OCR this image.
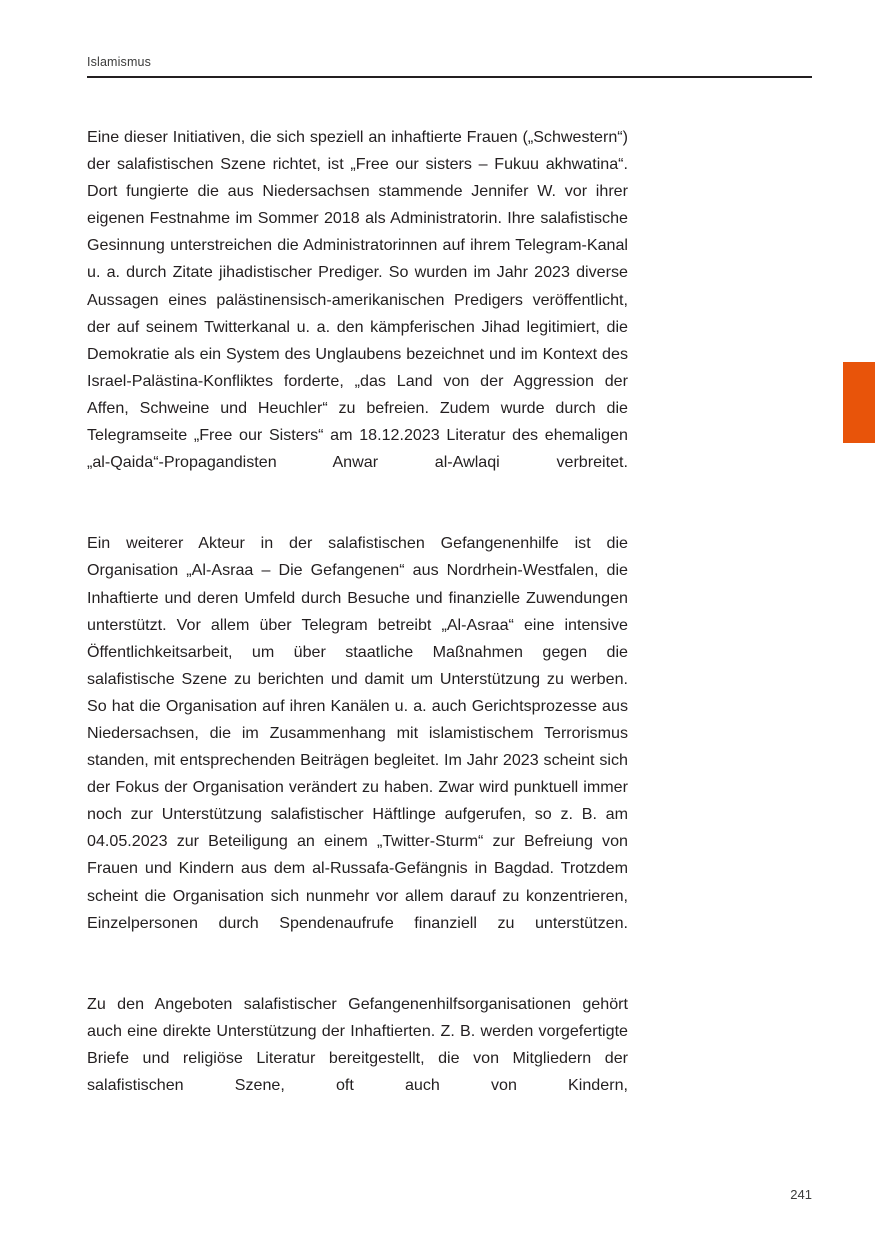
Islamismus

Eine dieser Initiativen, die sich speziell an inhaftierte Frauen („Schwestern“) der salafistischen Szene richtet, ist „Free our sisters – Fukuu akhwatina“. Dort fungierte die aus Niedersachsen stammende Jennifer W. vor ihrer eigenen Festnahme im Sommer 2018 als Administratorin. Ihre salafistische Gesinnung unterstreichen die Administratorinnen auf ihrem Telegram-Kanal u. a. durch Zitate jihadistischer Prediger. So wurden im Jahr 2023 diverse Aussagen eines palästinensisch-amerikanischen Predigers veröffentlicht, der auf seinem Twitterkanal u. a. den kämpferischen Jihad legitimiert, die Demokratie als ein System des Unglaubens bezeichnet und im Kontext des Israel-Palästina-Konfliktes forderte, „das Land von der Aggression der Affen, Schweine und Heuchler“ zu befreien. Zudem wurde durch die Telegramseite „Free our Sisters“ am 18.12.2023 Literatur des ehemaligen „al-Qaida“-Propagandisten Anwar al-Awlaqi verbreitet.

Ein weiterer Akteur in der salafistischen Gefangenenhilfe ist die Organisation „Al-Asraa – Die Gefangenen“ aus Nordrhein-Westfalen, die Inhaftierte und deren Umfeld durch Besuche und finanzielle Zuwendungen unterstützt. Vor allem über Telegram betreibt „Al-Asraa“ eine intensive Öffentlichkeitsarbeit, um über staatliche Maßnahmen gegen die salafistische Szene zu berichten und damit um Unterstützung zu werben. So hat die Organisation auf ihren Kanälen u. a. auch Gerichtsprozesse aus Niedersachsen, die im Zusammenhang mit islamistischem Terrorismus standen, mit entsprechenden Beiträgen begleitet. Im Jahr 2023 scheint sich der Fokus der Organisation verändert zu haben. Zwar wird punktuell immer noch zur Unterstützung salafistischer Häftlinge aufgerufen, so z. B. am 04.05.2023 zur Beteiligung an einem „Twitter-Sturm“ zur Befreiung von Frauen und Kindern aus dem al-Russafa-Gefängnis in Bagdad. Trotzdem scheint die Organisation sich nunmehr vor allem darauf zu konzentrieren, Einzelpersonen durch Spendenaufrufe finanziell zu unterstützen.

Zu den Angeboten salafistischer Gefangenenhilfsorganisationen gehört auch eine direkte Unterstützung der Inhaftierten. Z. B. werden vorgefertigte Briefe und religiöse Literatur bereitgestellt, die von Mitgliedern der salafistischen Szene, oft auch von Kindern,

241
